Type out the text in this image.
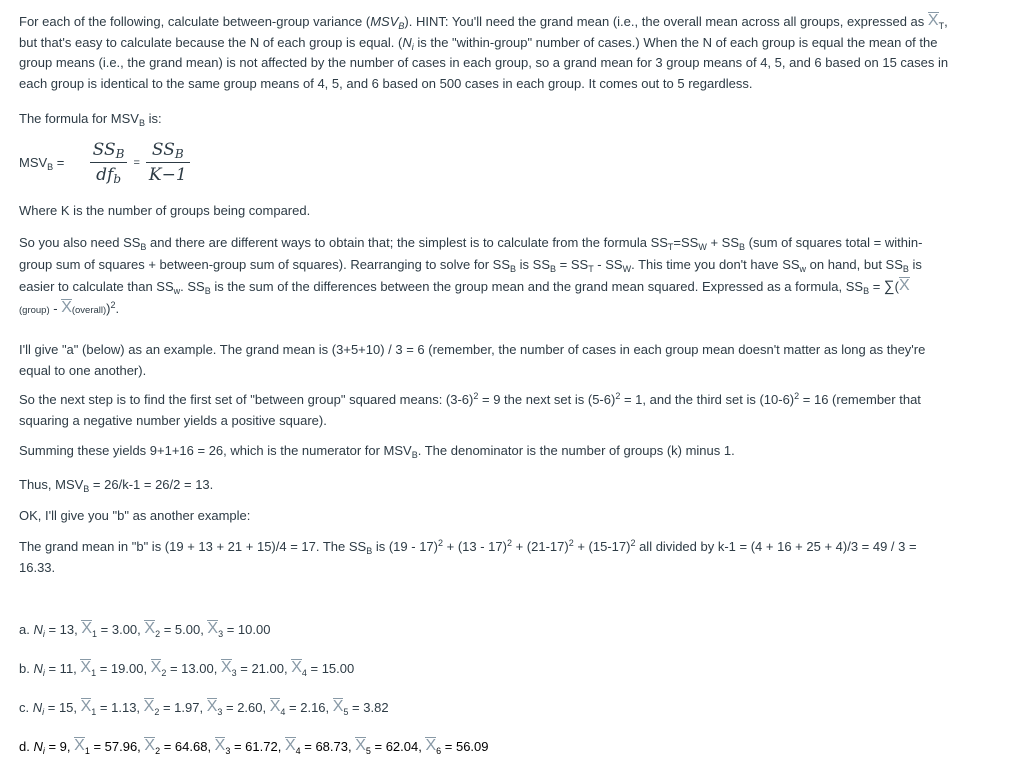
For each of the following, calculate between-group variance $(MSV_B)$. HINT: You'll need the grand mean (i.e., the overall mean across all groups, expressed as $X_T$, but that's easy to calculate because the N of each group is equal. ($N_i$ is the "within-group" number of cases.) When the N of each group is equal the mean of the group means (i.e., the grand mean) is not affected by the number of cases in each group, so a grand mean for 3 group means of 4, 5, and 6 based on 15 cases in each group is identical to the same group means of 4, 5, and 6 based on 500 cases in each group. It comes out to 5 regardless.

The formula for $MSV_B$ is:

$MSV_B = \frac{SS_B}{df_b} = \frac{SS_B}{K-1}$

Where K is the number of groups being compared.

So you also need $SS_B$ and there are different ways to obtain that; the simplest is to calculate from the formula $SS_T=SS_W + SS_B$ (sum of squares total = within-group sum of squares + between-group sum of squares). Rearranging to solve for $SS_B$ is $SS_B = SS_T - SS_W$. This time you don't have $SS_w$ on hand, but $SS_B$ is easier to calculate than $SS_w$. $SS_B$ is the sum of the differences between the group mean and the grand mean squared. Expressed as a formula, $SS_B = \sum(X$
(group) - X(overall))$^2$.

I'll give "a" (below) as an example. The grand mean is (3+5+10) / 3 = 6 (remember, the number of cases in each group mean doesn't matter as long as they're equal to one another).

So the next step is to find the first set of "between group" squared means: $(3-6)^2 = 9$ the next set is $(5-6)^2 = 1$, and the third set is $(10-6)^2 = 16$ (remember that squaring a negative number yields a positive square).

Summing these yields 9+1+16 = 26, which is the numerator for $MSV_B$. The denominator is the number of groups (k) minus 1.

Thus, $MSV_B = 26/k-1 = 26/2 = 13$.

OK, I'll give you "b" as another example:

The grand mean in "b" is (19 + 13 + 21 + 15)/4 = 17. The $SS_B$ is $(19 - 17)^2 + (13 - 17)^2 + (21-17)^2 + (15-17)^2$ all divided by k-1 = (4 + 16 + 25 + 4)/3 = 49 / 3 = 16.33.

a. $N_i = 13$, $X_1 = 3.00$, $X_2 = 5.00$, $X_3 = 10.00$

b. $N_i = 11$, $X_1 = 19.00$, $X_2 = 13.00$, $X_3 = 21.00$, $X_4 = 15.00$

c. $N_i = 15$, $X_1 = 1.13$, $X_2 = 1.97$, $X_3 = 2.60$, $X_4 = 2.16$, $X_5 = 3.82$

d. $N_i = 9$, $X_1 = 57.96$, $X_2 = 64.68$, $X_3 = 61.72$, $X_4 = 68.73$, $X_5 = 62.04$, $X_6 = 56.09$
